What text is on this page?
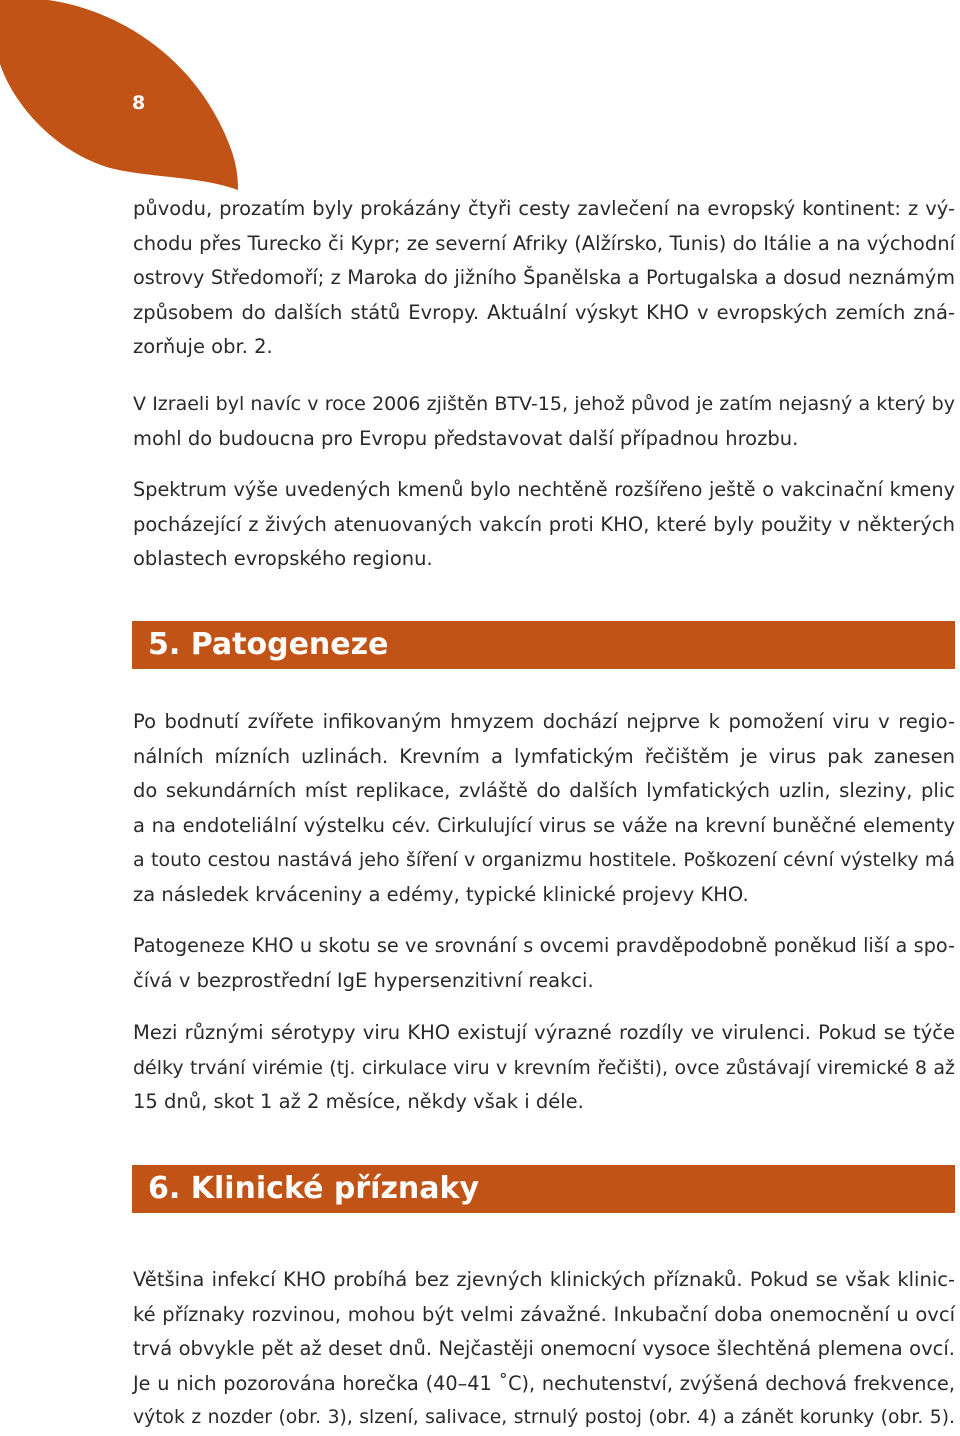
8
původu, prozatím byly prokázány čtyři cesty zavlečení na evropský kontinent: z vý-
chodu přes Turecko či Kypr; ze severní Afriky (Alžírsko, Tunis) do Itálie a na východní
ostrovy Středomoří; z Maroka do jižního Španělska a Portugalska a dosud neznámým
způsobem do dalších států Evropy. Aktuální výskyt KHO v evropských zemích zná-
zorňuje obr. 2.
V Izraeli byl navíc v roce 2006 zjištěn BTV-15, jehož původ je zatím nejasný a který by
mohl do budoucna pro Evropu představovat další případnou hrozbu.
Spektrum výše uvedených kmenů bylo nechtěně rozšířeno ještě o vakcinační kmeny
pocházející z živých atenuovaných vakcín proti KHO, které byly použity v některých
oblastech evropského regionu.
5. Patogeneze
Po bodnutí zvířete infikovaným hmyzem dochází nejprve k pomožení viru v regio-
nálních mízních uzlinách. Krevním a lymfatickým řečištěm je virus pak zanesen
do sekundárních míst replikace, zvláště do dalších lymfatických uzlin, sleziny, plic
a na endoteliální výstelku cév. Cirkulující virus se váže na krevní buněčné elementy
a touto cestou nastává jeho šíření v organizmu hostitele. Poškození cévní výstelky má
za následek krváceniny a edémy, typické klinické projevy KHO.
Patogeneze KHO u skotu se ve srovnání s ovcemi pravděpodobně poněkud liší a spo-
čívá v bezprostřední IgE hypersenzitivní reakci.
Mezi různými sérotypy viru KHO existují výrazné rozdíly ve virulenci. Pokud se týče
délky trvání virémie (tj. cirkulace viru v krevním řečišti), ovce zůstávají viremické 8 až
15 dnů, skot 1 až 2 měsíce, někdy však i déle.
6. Klinické příznaky
Většina infekcí KHO probíhá bez zjevných klinických příznaků. Pokud se však klinic-
ké příznaky rozvinou, mohou být velmi závažné. Inkubační doba onemocnění u ovcí
trvá obvykle pět až deset dnů. Nejčastěji onemocní vysoce šlechtěná plemena ovcí.
Je u nich pozorována horečka (40–41 ˚C), nechutenství, zvýšená dechová frekvence,
výtok z nozder (obr. 3), slzení, salivace, strnulý postoj (obr. 4) a zánět korunky (obr. 5).
